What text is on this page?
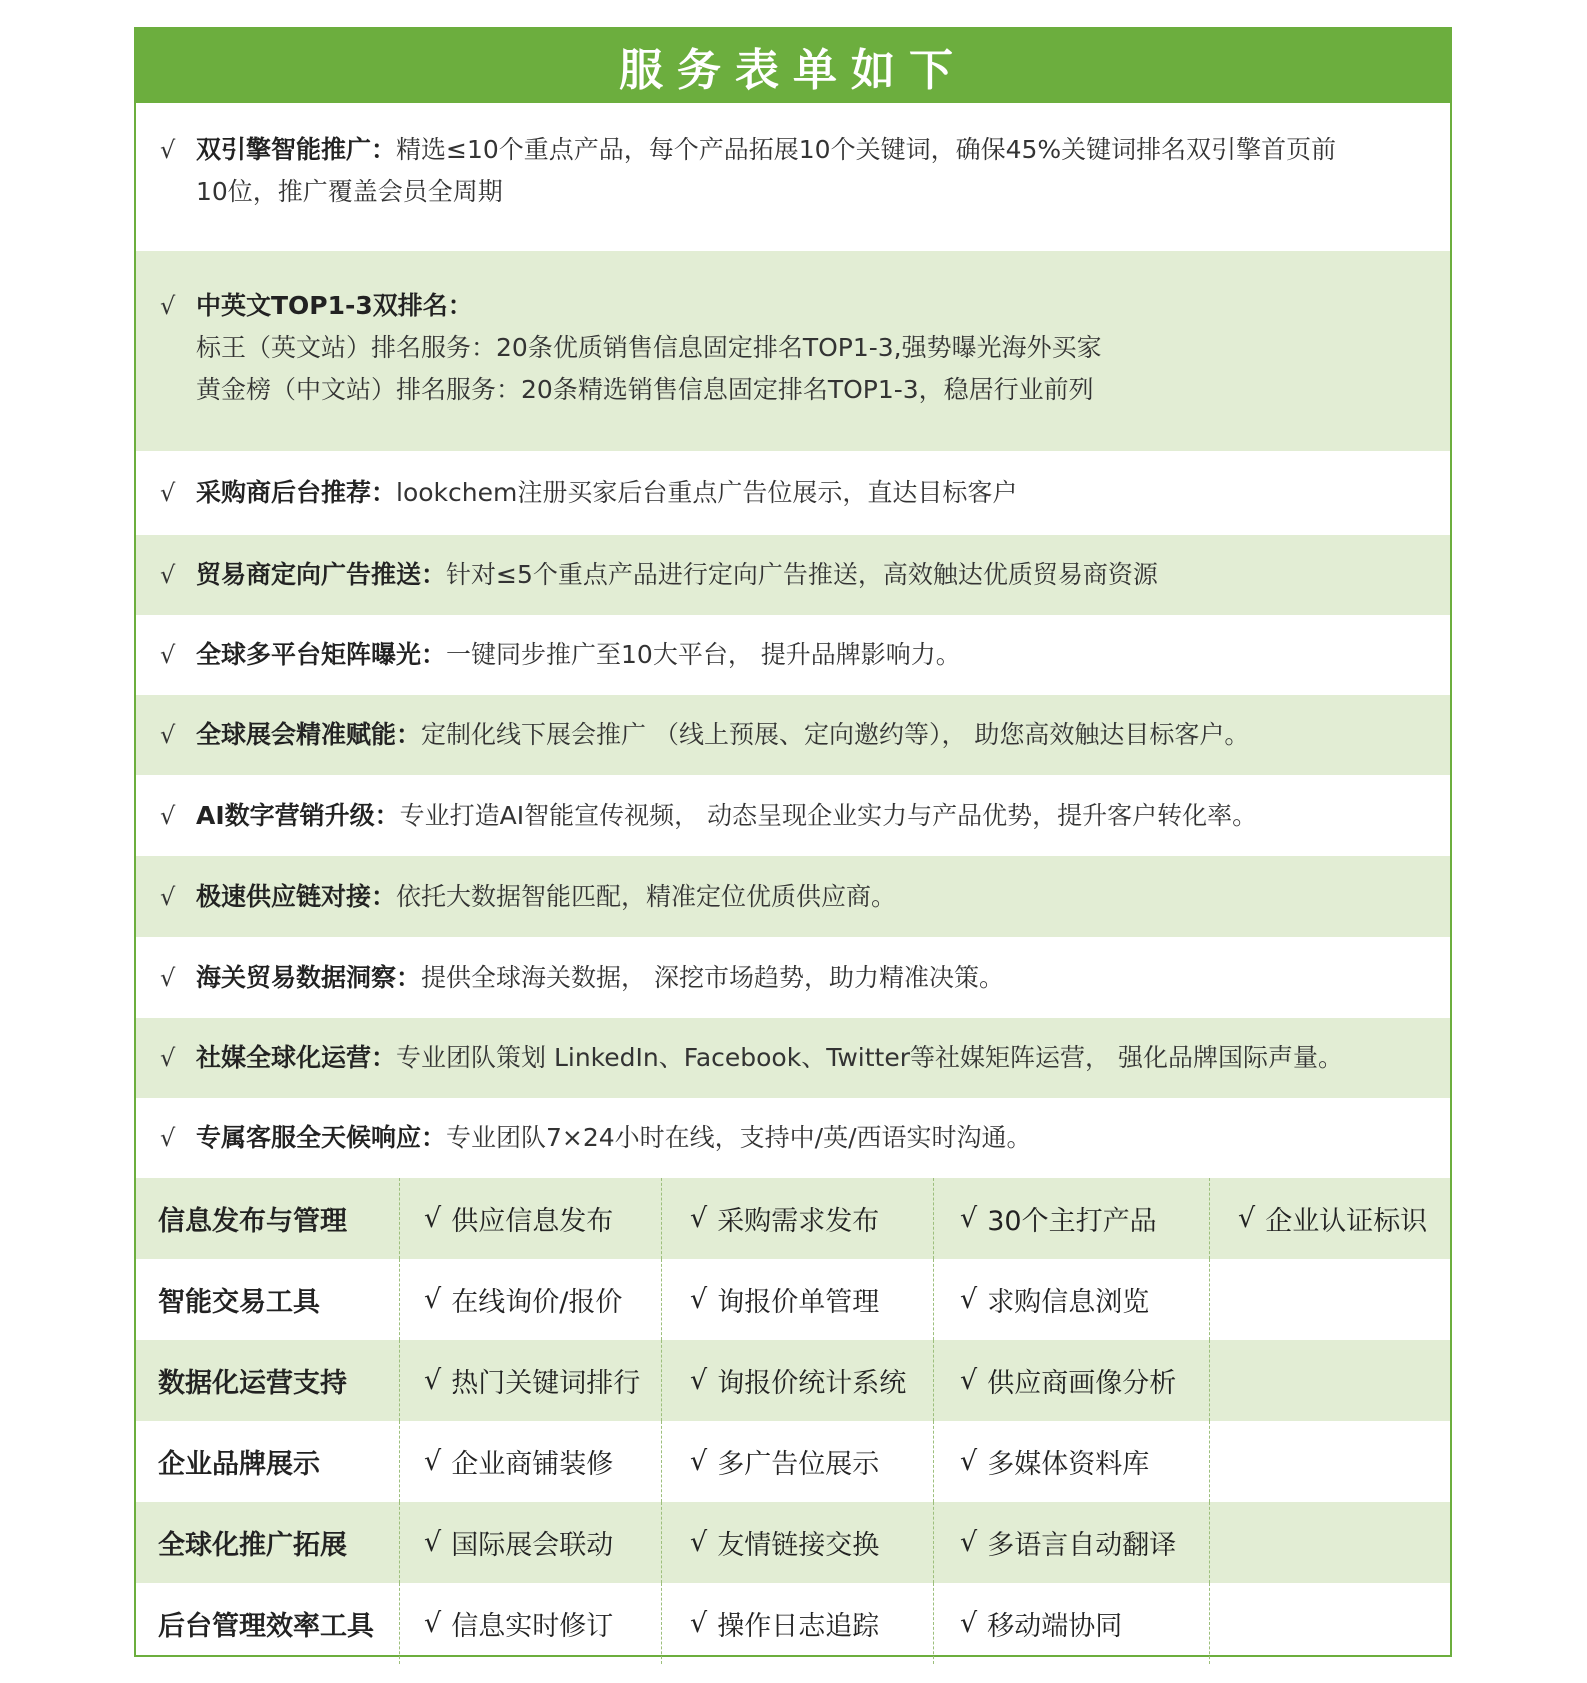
服务表单如下
√ 双引擎智能推广：精选≤10个重点产品，每个产品拓展10个关键词，确保45%关键词排名双引擎首页前
10位，推广覆盖会员全周期
√ 中英文TOP1-3双排名：
标王（英文站）排名服务：20条优质销售信息固定排名TOP1-3,强势曝光海外买家
黄金榜（中文站）排名服务：20条精选销售信息固定排名TOP1-3，稳居行业前列
√ 采购商后台推荐：lookchem注册买家后台重点广告位展示，直达目标客户
√ 贸易商定向广告推送：针对≤5个重点产品进行定向广告推送，高效触达优质贸易商资源
√ 全球多平台矩阵曝光：一键同步推广至10大平台， 提升品牌影响力。
√ 全球展会精准赋能：定制化线下展会推广 （线上预展、定向邀约等）， 助您高效触达目标客户。
√ AI数字营销升级：专业打造AI智能宣传视频， 动态呈现企业实力与产品优势，提升客户转化率。
√ 极速供应链对接：依托大数据智能匹配，精准定位优质供应商。
√ 海关贸易数据洞察：提供全球海关数据， 深挖市场趋势，助力精准决策。
√ 社媒全球化运营：专业团队策划 LinkedIn、Facebook、Twitter等社媒矩阵运营， 强化品牌国际声量。
√ 专属客服全天候响应：专业团队7×24小时在线，支持中/英/西语实时沟通。
信息发布与管理	√ 供应信息发布	√ 采购需求发布	√ 30个主打产品	√ 企业认证标识
智能交易工具	√ 在线询价/报价	√ 询报价单管理	√ 求购信息浏览
数据化运营支持	√ 热门关键词排行 √ 询报价统计系统 √ 供应商画像分析
企业品牌展示	√ 企业商铺装修	√ 多广告位展示	√ 多媒体资料库
全球化推广拓展	√ 国际展会联动	√ 友情链接交换	√ 多语言自动翻译
后台管理效率工具	√ 信息实时修订	√ 操作日志追踪	√ 移动端协同
